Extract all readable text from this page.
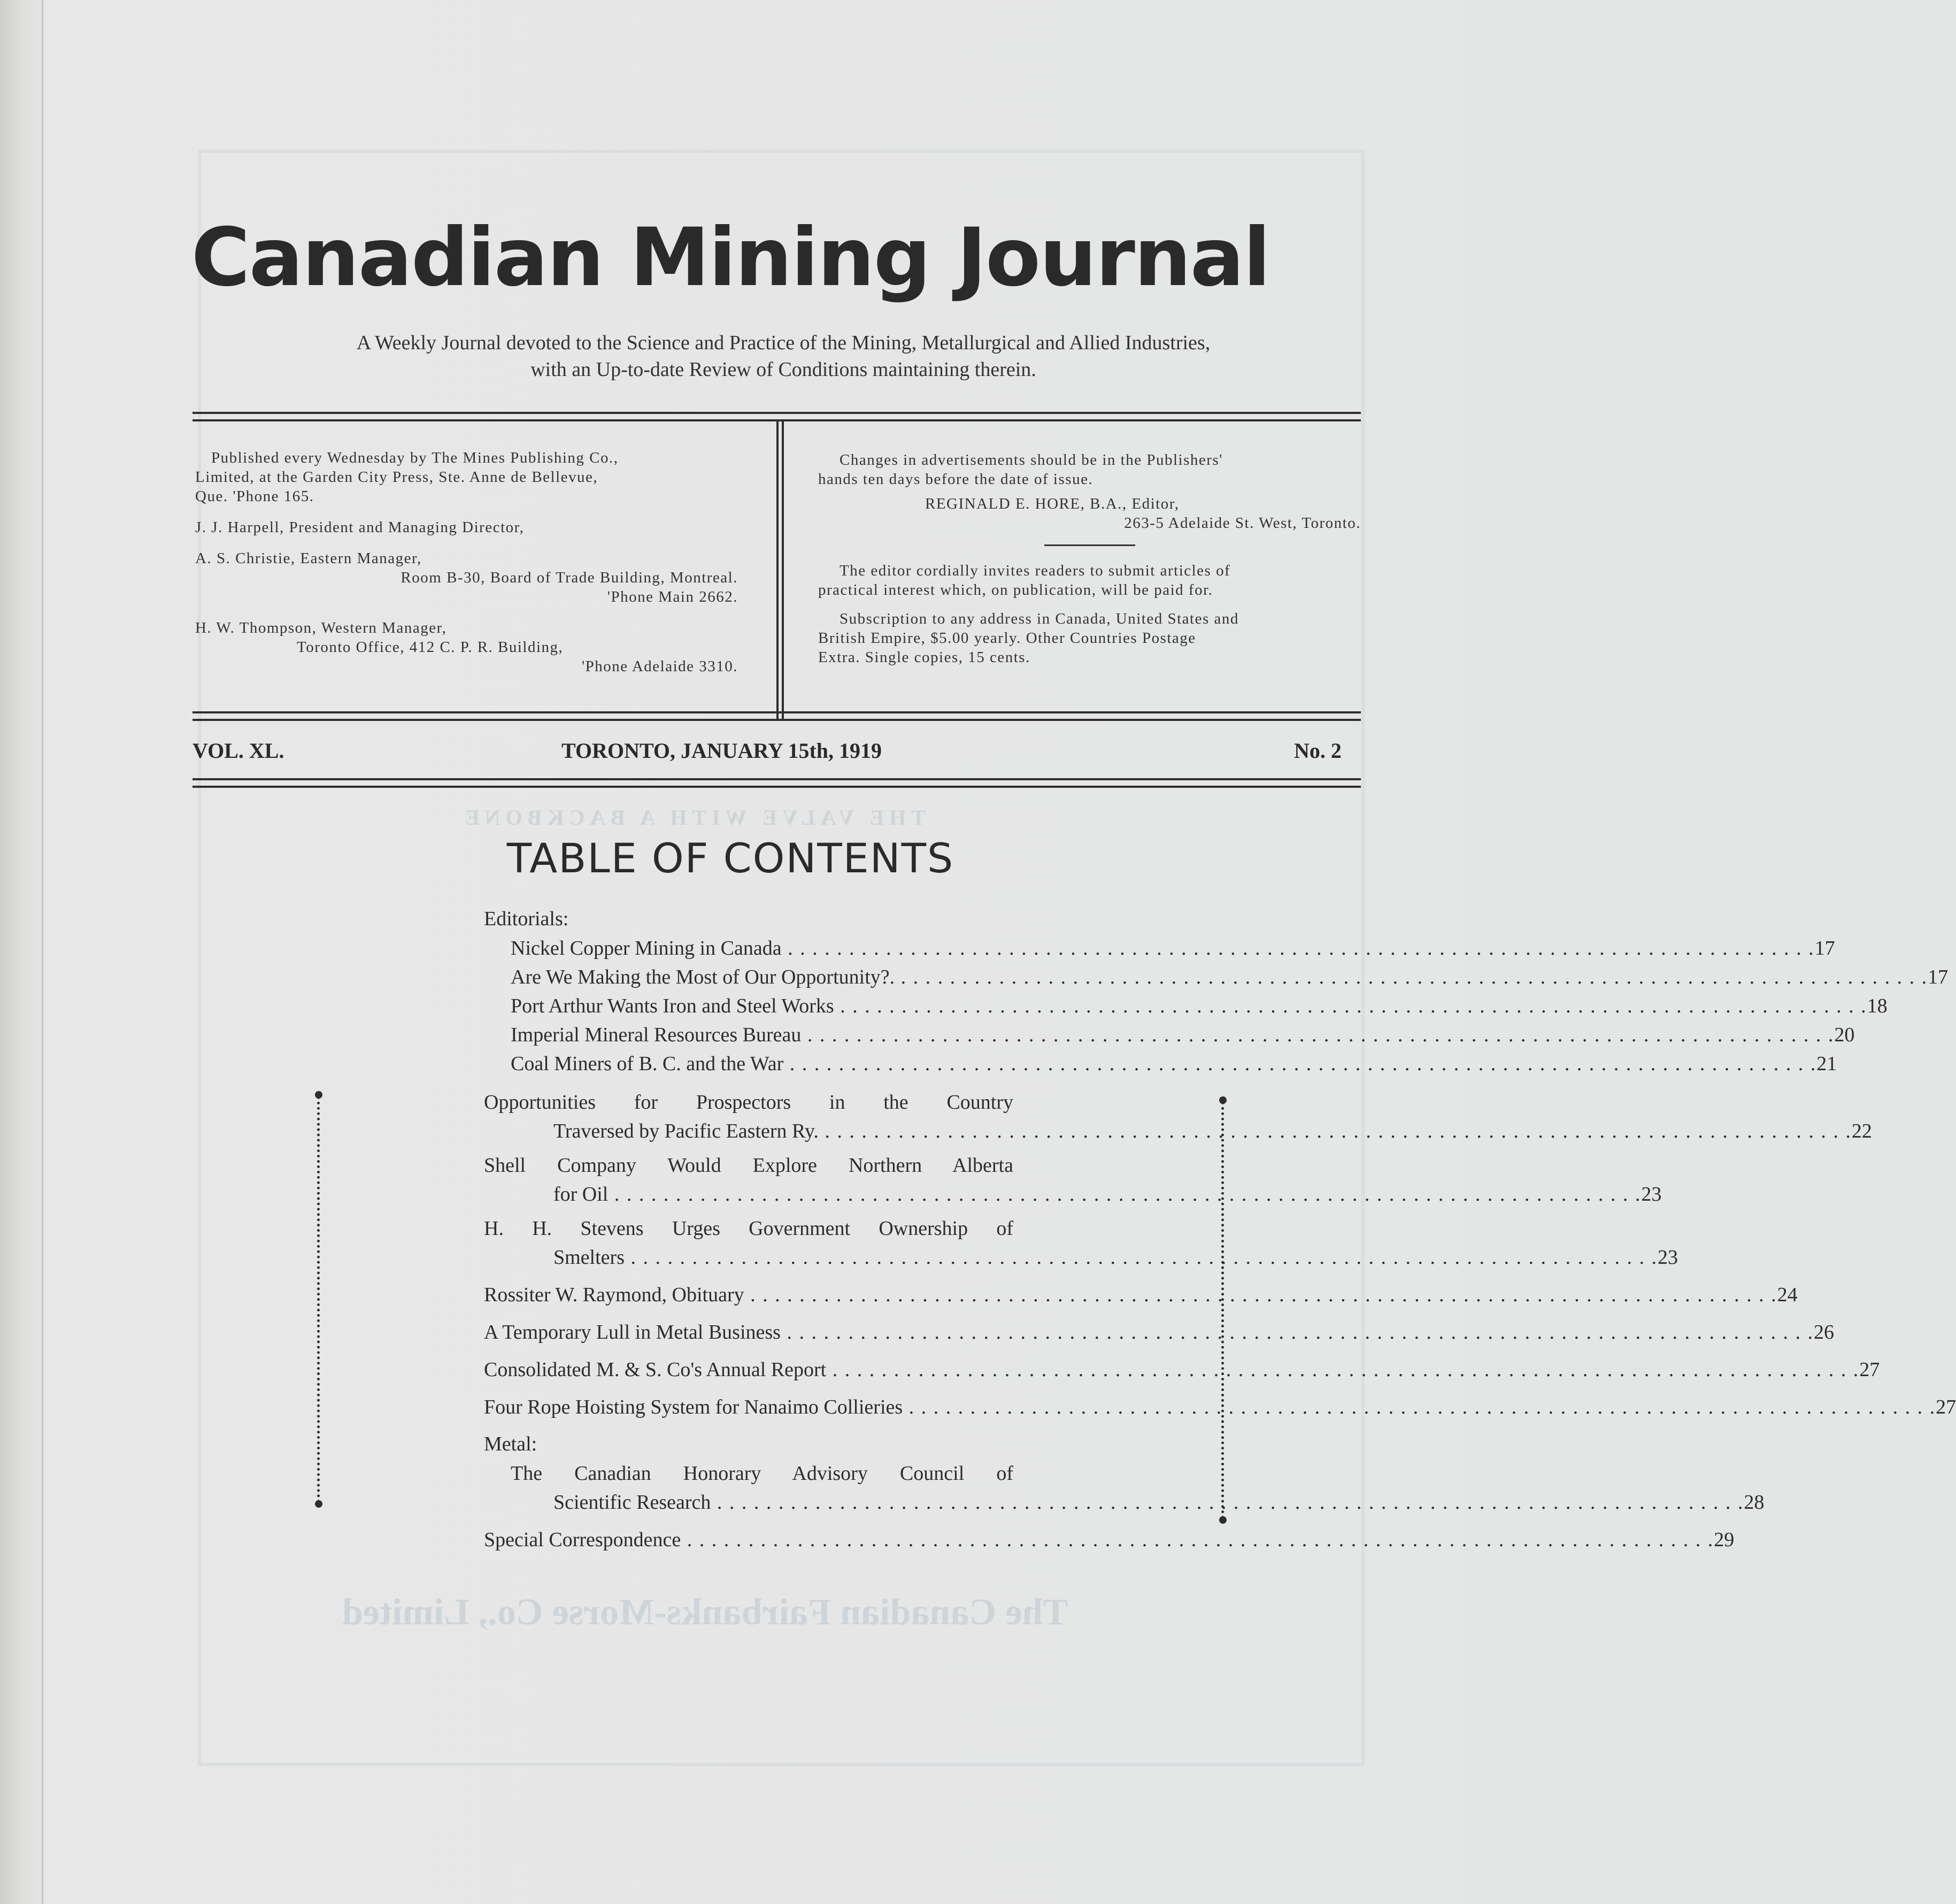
THE VALVE WITH A BACKBONE
The Canadian Fairbanks-Morse Co., Limited
Canadian Mining Journal
A Weekly Journal devoted to the Science and Practice of the Mining, Metallurgical and Allied Industries,
with an Up-to-date Review of Conditions maintaining therein.

Published every Wednesday by The Mines Publishing Co.,

Limited, at the Garden City Press, Ste. Anne de Bellevue,

Que. 'Phone 165.

J. J. Harpell, President and Managing Director,

A. S. Christie, Eastern Manager,

Room B-30, Board of Trade Building, Montreal.

'Phone Main 2662.

H. W. Thompson, Western Manager,

Toronto Office, 412 C. P. R. Building,

'Phone Adelaide 3310.

Changes in advertisements should be in the Publishers'

hands ten days before the date of issue.

REGINALD E. HORE, B.A., Editor,

263-5 Adelaide St. West, Toronto.

The editor cordially invites readers to submit articles of

practical interest which, on publication, will be paid for.

Subscription to any address in Canada, United States and

British Empire, $5.00 yearly. Other Countries Postage

Extra. Single copies, 15 cents.

VOL. XL.	TORONTO, JANUARY 15th, 1919	No. 2
TABLE OF CONTENTS
Editorials:
Nickel Copper Mining in Canada . . .	17
Are We Making the Most of Our Opportunity?. . . .	17
Port Arthur Wants Iron and Steel Works . . .	18
Imperial Mineral Resources Bureau . . .	20
Coal Miners of B. C. and the War . . .	21
Opportunities for Prospectors in the Country
Traversed by Pacific Eastern Ry. . . .	22
Shell Company Would Explore Northern Alberta
for Oil . . .	23
H. H. Stevens Urges Government Ownership of
Smelters . . .	23
Rossiter W. Raymond, Obituary . . .	24
A Temporary Lull in Metal Business . . .	26
Consolidated M. & S. Co's Annual Report . . .	27
Four Rope Hoisting System for Nanaimo Collieries . . .	27
Metal:
The Canadian Honorary Advisory Council of
Scientific Research . . .	28
Special Correspondence . . .	29
